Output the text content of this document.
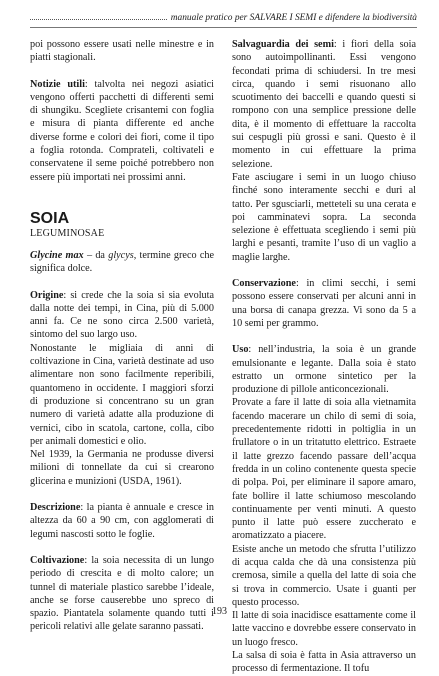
manuale pratico per SALVARE I SEMI e difendere la biodiversità

poi possono essere usati nelle minestre e in piatti stagionali.

Notizie utili: talvolta nei negozi asiatici vengono offerti pacchetti di differenti semi di shungiku. Scegliete crisantemi con foglia e misura di pianta differente ed anche diverse forme e colori dei fiori, come il tipo a foglia rotonda. Comprateli, coltivateli e conservatene il seme poiché potrebbero non essere più importati nei prossimi anni.

SOIA
LEGUMINOSAE

Glycine max – da glycys, termine greco che significa dolce.

Origine: si crede che la soia si sia evoluta dalla notte dei tempi, in Cina, più di 5.000 anni fa. Ce ne sono circa 2.500 varietà, sintomo del suo largo uso.

Nonostante le migliaia di anni di coltivazione in Cina, varietà destinate ad uso alimentare non sono facilmente reperibili, quantomeno in occidente. I maggiori sforzi di produzione si concentrano su un gran numero di varietà adatte alla produzione di vernici, cibo in scatola, cartone, colla, cibo per animali domestici e olio.

Nel 1939, la Germania ne produsse diversi milioni di tonnellate da cui si crearono glicerina e munizioni (USDA, 1961).

Descrizione: la pianta è annuale e cresce in altezza da 60 a 90 cm, con agglomerati di legumi nascosti sotto le foglie.

Coltivazione: la soia necessita di un lungo periodo di crescita e di molto calore; un tunnel di materiale plastico sarebbe l’ideale, anche se forse causerebbe uno spreco di spazio. Piantatela solamente quando tutti i pericoli relativi alle gelate saranno passati.

Salvaguardia dei semi: i fiori della soia sono autoimpollinanti. Essi vengono fecondati prima di schiudersi. In tre mesi circa, quando i semi risuonano allo scuotimento dei baccelli e quando questi si rompono con una semplice pressione delle dita, è il momento di effettuare la raccolta sui cespugli più grossi e sani. Questo è il momento in cui effettuare la prima selezione.

Fate asciugare i semi in un luogo chiuso finché sono interamente secchi e duri al tatto. Per sgusciarli, metteteli su una cerata e poi camminatevi sopra. La seconda selezione è effettuata scegliendo i semi più larghi e pesanti, tramite l’uso di un vaglio a maglie larghe.

Conservazione: in climi secchi, i semi possono essere conservati per alcuni anni in una borsa di canapa grezza. Vi sono da 5 a 10 semi per grammo.

Uso: nell’industria, la soia è un grande emulsionante e legante. Dalla soia è stato estratto un ormone sintetico per la produzione di pillole anticoncezionali.

Provate a fare il latte di soia alla vietnamita facendo macerare un chilo di semi di soia, precedentemente ridotti in poltiglia in un frullatore o in un tritatutto elettrico. Estraete il latte grezzo facendo passare dell’acqua fredda in un colino contenente questa specie di polpa. Poi, per eliminare il sapore amaro, fate bollire il latte schiumoso mescolando continuamente per venti minuti. A questo punto il latte può essere zuccherato e aromatizzato a piacere.

Esiste anche un metodo che sfrutta l’utilizzo di acqua calda che dà una consistenza più cremosa, simile a quella del latte di soia che si trova in commercio. Usate i guanti per questo processo.

Il latte di soia inacidisce esattamente come il latte vaccino e dovrebbe essere conservato in un luogo fresco.

La salsa di soia è fatta in Asia attraverso un processo di fermentazione. Il tofu

193
